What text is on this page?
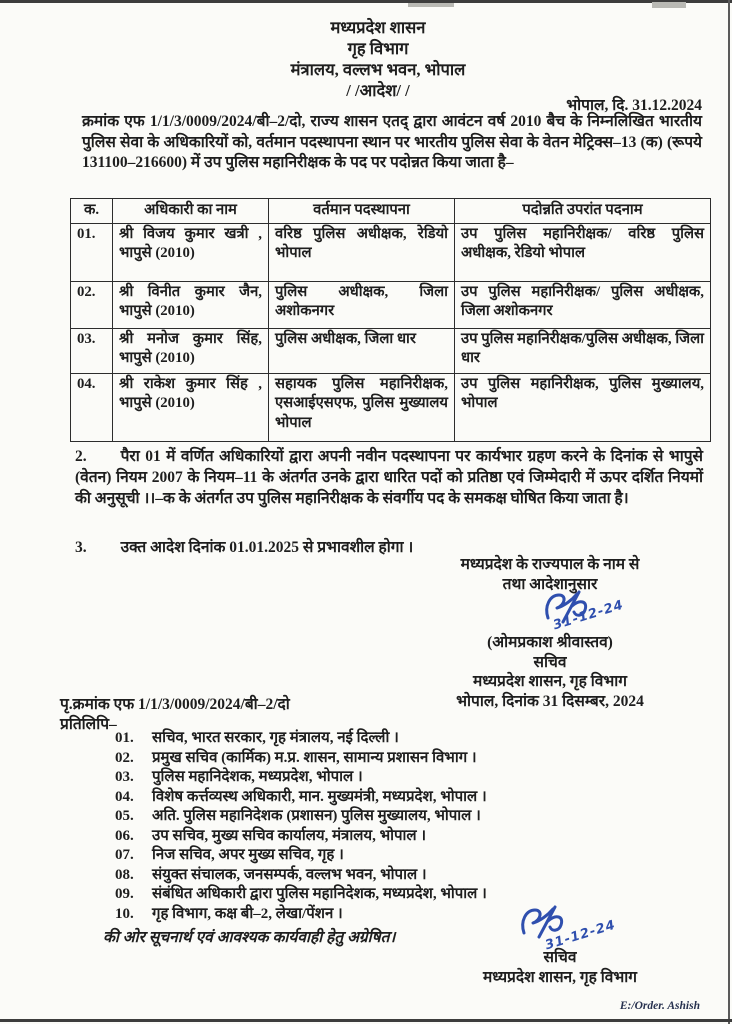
मध्यप्रदेश शासन
गृह विभाग
मंत्रालय, वल्लभ भवन, भोपाल
/ /आदेश/ /
भोपाल, दि. 31.12.2024
क्रमांक एफ 1/1/3/0009/2024/बी–2/दो, राज्य शासन एतद् द्वारा आवंटन वर्ष 2010 बैच के निम्नलिखित भारतीय पुलिस सेवा के अधिकारियों को, वर्तमान पदस्थापना स्थान पर भारतीय पुलिस सेवा के वेतन मेट्रिक्स–13 (क) (रूपये 131100–216600) में उप पुलिस महानिरीक्षक के पद पर पदोन्नत किया जाता है–
क.	अधिकारी का नाम	वर्तमान पदस्थापना	पदोन्नति उपरांत पदनाम
01.	श्री विजय कुमार खत्री , भापुसे (2010)	वरिष्ठ पुलिस अधीक्षक, रेडियो भोपाल	उप पुलिस महानिरीक्षक/ वरिष्ठ पुलिस अधीक्षक, रेडियो भोपाल
02.	श्री विनीत कुमार जैन, भापुसे (2010)	पुलिस अधीक्षक, जिला अशोकनगर	उप पुलिस महानिरीक्षक/ पुलिस अधीक्षक, जिला अशोकनगर
03.	श्री मनोज कुमार सिंह, भापुसे (2010)	पुलिस अधीक्षक, जिला धार	उप पुलिस महानिरीक्षक/पुलिस अधीक्षक, जिला धार
04.	श्री राकेश कुमार सिंह , भापुसे (2010)	सहायक पुलिस महानिरीक्षक, एसआईएसएफ, पुलिस मुख्यालय भोपाल	उप पुलिस महानिरीक्षक, पुलिस मुख्यालय, भोपाल
2. पैरा 01 में वर्णित अधिकारियों द्वारा अपनी नवीन पदस्थापना पर कार्यभार ग्रहण करने के दिनांक से भापुसे (वेतन) नियम 2007 के नियम–11 के अंतर्गत उनके द्वारा धारित पदों को प्रतिष्ठा एवं जिम्मेदारी में ऊपर दर्शित नियमों की अनुसूची ।।–क के अंतर्गत उप पुलिस महानिरीक्षक के संवर्गीय पद के समकक्ष घोषित किया जाता है।
3. उक्त आदेश दिनांक 01.01.2025 से प्रभावशील होगा ।
मध्यप्रदेश के राज्यपाल के नाम से
तथा आदेशानुसार
31-12-24
(ओमप्रकाश श्रीवास्तव)
सचिव
मध्यप्रदेश शासन, गृह विभाग
भोपाल, दिनांक 31 दिसम्बर, 2024
पृ.क्रमांक एफ 1/1/3/0009/2024/बी–2/दो
प्रतिलिपि–
01.	सचिव, भारत सरकार, गृह मंत्रालय, नई दिल्ली ।
02.	प्रमुख सचिव (कार्मिक) म.प्र. शासन, सामान्य प्रशासन विभाग ।
03.	पुलिस महानिदेशक, मध्यप्रदेश, भोपाल ।
04.	विशेष कर्त्तव्यस्थ अधिकारी, मान. मुख्यमंत्री, मध्यप्रदेश, भोपाल ।
05.	अति. पुलिस महानिदेशक (प्रशासन) पुलिस मुख्यालय, भोपाल ।
06.	उप सचिव, मुख्य सचिव कार्यालय, मंत्रालय, भोपाल ।
07.	निज सचिव, अपर मुख्य सचिव, गृह ।
08.	संयुक्त संचालक, जनसम्पर्क, वल्लभ भवन, भोपाल ।
09.	संबंधित अधिकारी द्वारा पुलिस महानिदेशक, मध्यप्रदेश, भोपाल ।
10.	गृह विभाग, कक्ष बी–2, लेखा/पेंशन ।
की ओर सूचनार्थ एवं आवश्यक कार्यवाही हेतु अग्रेषित।	31-12-24
सचिव
मध्यप्रदेश शासन, गृह विभाग
E:/Order. Ashish
